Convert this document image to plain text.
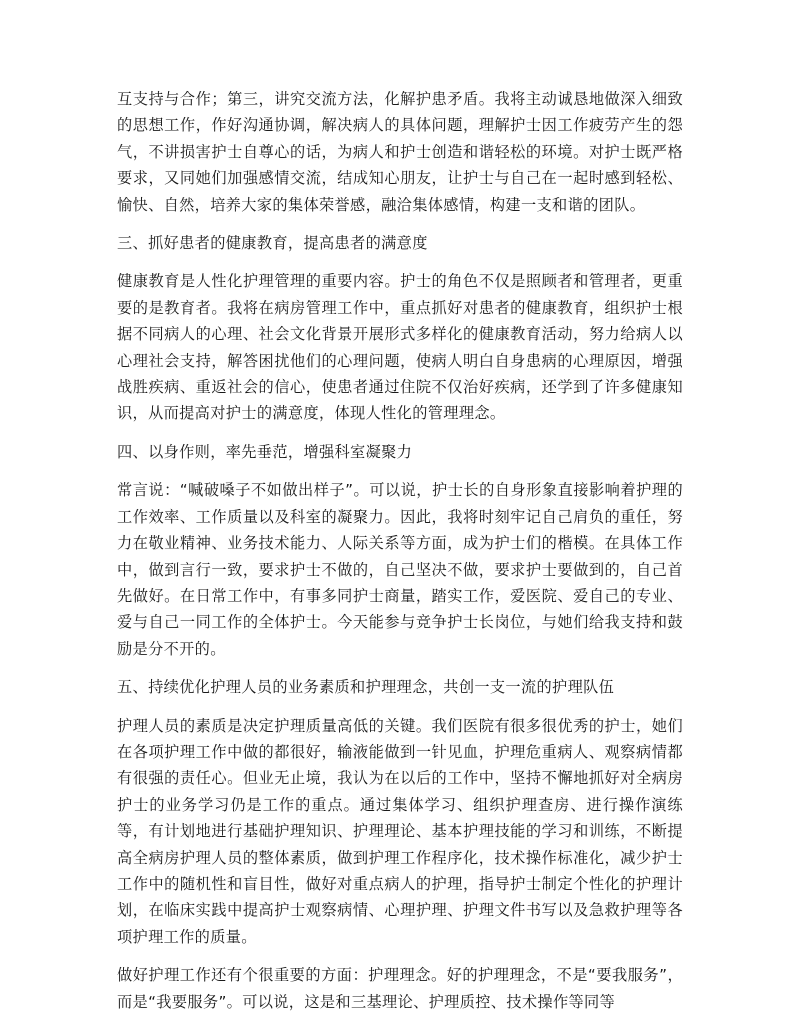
互支持与合作；第三，讲究交流方法，化解护患矛盾。我将主动诚恳地做深入细致的思想工作，作好沟通协调，解决病人的具体问题，理解护士因工作疲劳产生的怨气，不讲损害护士自尊心的话，为病人和护士创造和谐轻松的环境。对护士既严格要求，又同她们加强感情交流，结成知心朋友，让护士与自己在一起时感到轻松、愉快、自然，培养大家的集体荣誉感，融洽集体感情，构建一支和谐的团队。

三、抓好患者的健康教育，提高患者的满意度

健康教育是人性化护理管理的重要内容。护士的角色不仅是照顾者和管理者，更重要的是教育者。我将在病房管理工作中，重点抓好对患者的健康教育，组织护士根据不同病人的心理、社会文化背景开展形式多样化的健康教育活动，努力给病人以心理社会支持，解答困扰他们的心理问题，使病人明白自身患病的心理原因，增强战胜疾病、重返社会的信心，使患者通过住院不仅治好疾病，还学到了许多健康知识，从而提高对护士的满意度，体现人性化的管理理念。

四、以身作则，率先垂范，增强科室凝聚力

常言说：“喊破嗓子不如做出样子”。可以说，护士长的自身形象直接影响着护理的工作效率、工作质量以及科室的凝聚力。因此，我将时刻牢记自己肩负的重任，努力在敬业精神、业务技术能力、人际关系等方面，成为护士们的楷模。在具体工作中，做到言行一致，要求护士不做的，自己坚决不做，要求护士要做到的，自己首先做好。在日常工作中，有事多同护士商量，踏实工作，爱医院、爱自己的专业、爱与自己一同工作的全体护士。今天能参与竞争护士长岗位，与她们给我支持和鼓励是分不开的。

五、持续优化护理人员的业务素质和护理理念，共创一支一流的护理队伍

护理人员的素质是决定护理质量高低的关键。我们医院有很多很优秀的护士，她们在各项护理工作中做的都很好，输液能做到一针见血，护理危重病人、观察病情都有很强的责任心。但业无止境，我认为在以后的工作中，坚持不懈地抓好对全病房护士的业务学习仍是工作的重点。通过集体学习、组织护理查房、进行操作演练等，有计划地进行基础护理知识、护理理论、基本护理技能的学习和训练，不断提高全病房护理人员的整体素质，做到护理工作程序化，技术操作标准化，减少护士工作中的随机性和盲目性，做好对重点病人的护理，指导护士制定个性化的护理计划，在临床实践中提高护士观察病情、心理护理、护理文件书写以及急救护理等各项护理工作的质量。

做好护理工作还有个很重要的方面：护理理念。好的护理理念，不是“要我服务”，而是“我要服务”。可以说，这是和三基理论、护理质控、技术操作等同等
